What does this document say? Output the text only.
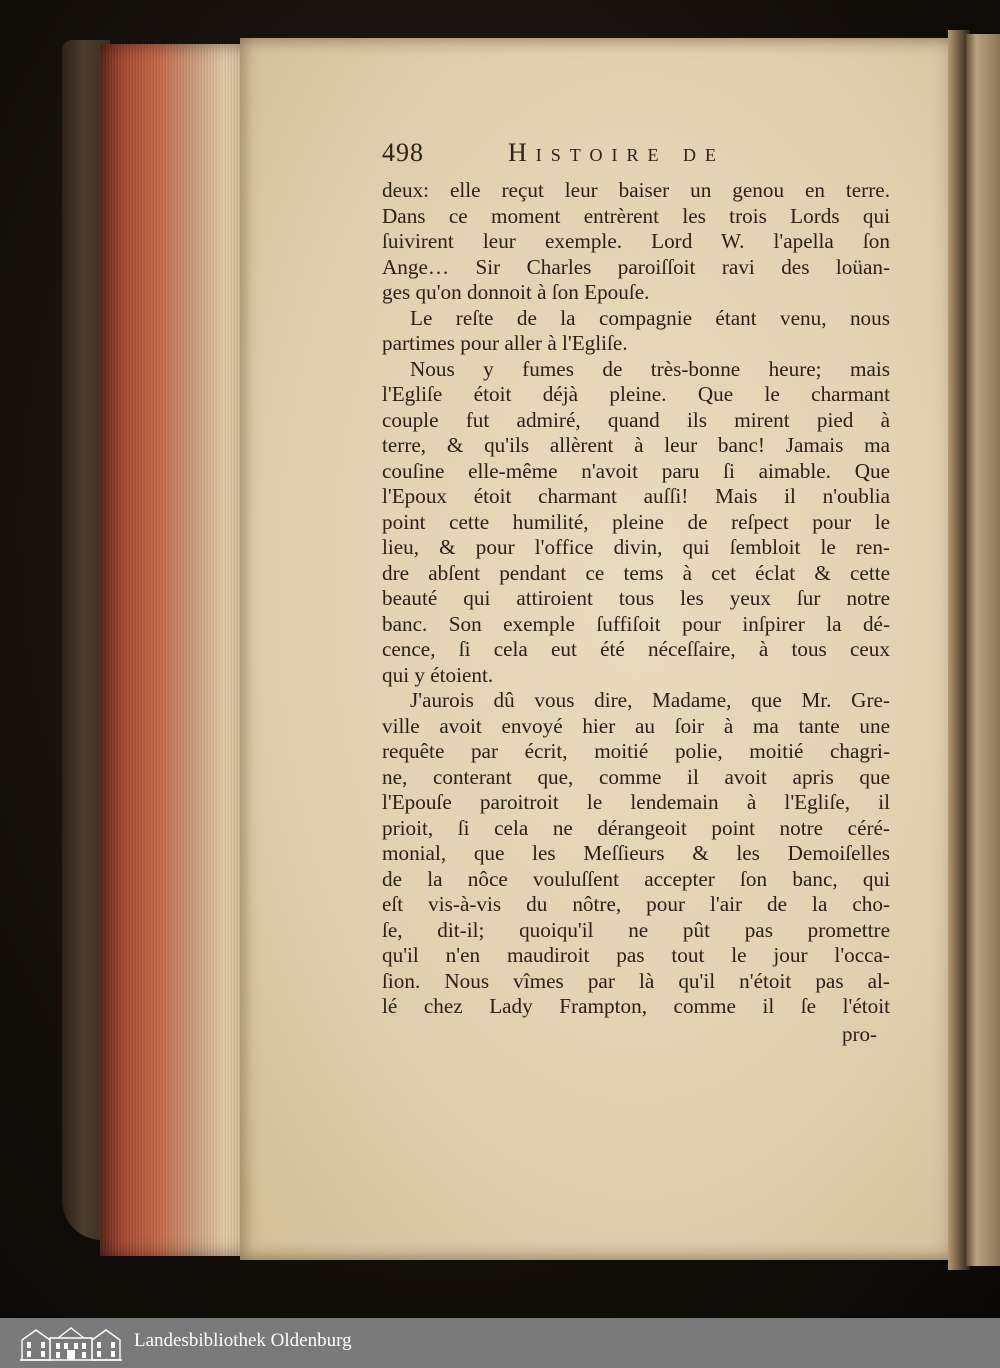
498	Histoire de
deux: elle reçut leur baiser un genou en terre.
Dans ce moment entrèrent les trois Lords qui
ſuivirent leur exemple. Lord W. l'apella ſon
Ange… Sir Charles paroiſſoit ravi des loüan-
ges qu'on donnoit à ſon Epouſe.
Le reſte de la compagnie étant venu, nous
partimes pour aller à l'Egliſe.
Nous y fumes de très-bonne heure; mais
l'Egliſe étoit déjà pleine. Que le charmant
couple fut admiré, quand ils mirent pied à
terre, & qu'ils allèrent à leur banc! Jamais ma
couſine elle-même n'avoit paru ſi aimable. Que
l'Epoux étoit charmant auſſi! Mais il n'oublia
point cette humilité, pleine de reſpect pour le
lieu, & pour l'office divin, qui ſembloit le ren-
dre abſent pendant ce tems à cet éclat & cette
beauté qui attiroient tous les yeux ſur notre
banc. Son exemple ſuffiſoit pour inſpirer la dé-
cence, ſi cela eut été néceſſaire, à tous ceux
qui y étoient.
J'aurois dû vous dire, Madame, que Mr. Gre-
ville avoit envoyé hier au ſoir à ma tante une
requête par écrit, moitié polie, moitié chagri-
ne, conterant que, comme il avoit apris que
l'Epouſe paroitroit le lendemain à l'Egliſe, il
prioit, ſi cela ne dérangeoit point notre céré-
monial, que les Meſſieurs & les Demoiſelles
de la nôce vouluſſent accepter ſon banc, qui
eſt vis-à-vis du nôtre, pour l'air de la cho-
ſe, dit-il; quoiqu'il ne pût pas promettre
qu'il n'en maudiroit pas tout le jour l'occa-
ſion. Nous vîmes par là qu'il n'étoit pas al-
lé chez Lady Frampton, comme il ſe l'étoit
pro-
Landesbibliothek Oldenburg
